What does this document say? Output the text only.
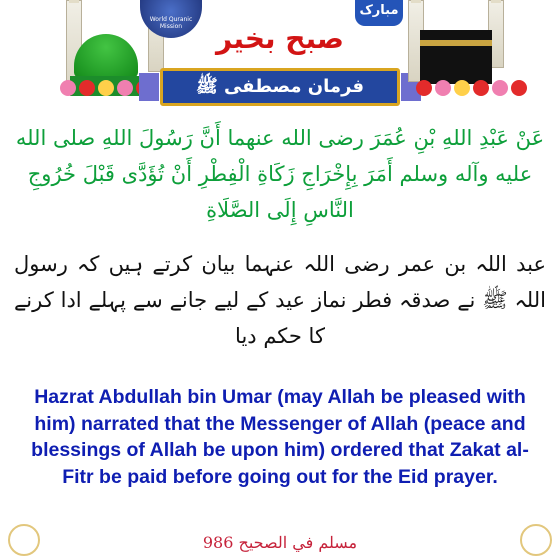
World Quranic Mission
مبارک
صبح بخیر
فرمان مصطفی ﷺ
عَنْ عَبْدِ اللهِ بْنِ عُمَرَ رضی الله عنهما أَنَّ رَسُولَ اللهِ صلی الله علیه وآله وسلم أَمَرَ بِإِخْرَاجِ زَكَاةِ الْفِطْرِ أَنْ تُؤَدَّى قَبْلَ خُرُوجِ النَّاسِ إِلَى الصَّلَاةِ
عبد اللہ بن عمر رضی اللہ عنہما بیان کرتے ہیں کہ رسول اللہ ﷺ نے صدقہ فطر نماز عید کے لیے جانے سے پہلے ادا کرنے کا حکم دیا
Hazrat Abdullah bin Umar (may Allah be pleased with him) narrated that the Messenger of Allah (peace and blessings of Allah be upon him) ordered that Zakat al-Fitr be paid before going out for the Eid prayer.
مسلم في الصحيح 986
